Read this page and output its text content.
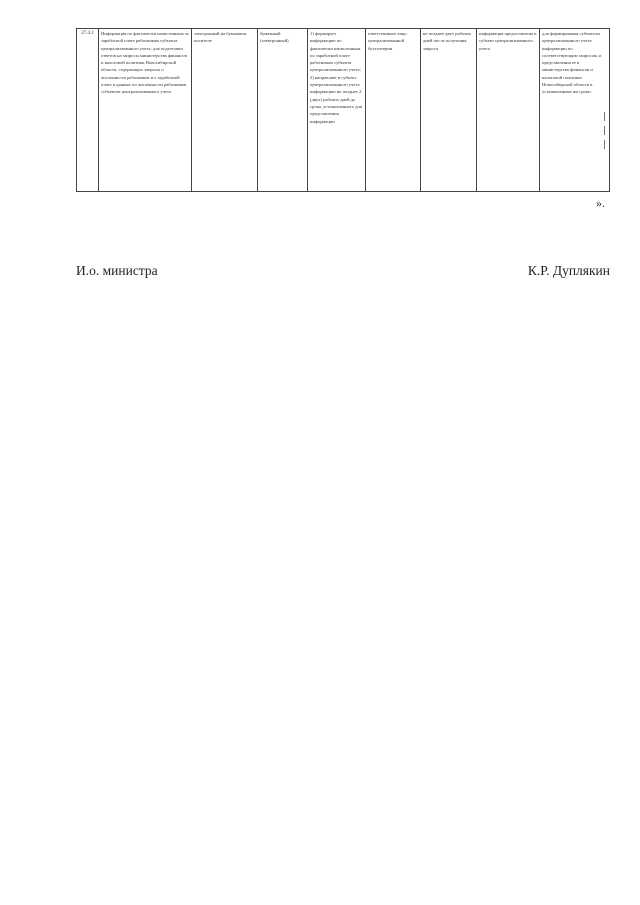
27.4.2	Информация по фактически начисленным за заработной плате работникам субъекта централизованного учета, для подготовки ответов на запросы министерства финансов и налоговой политики Новосибирской области, содержащих запросы о численности работников и о заработной плате в данных по численности работников субъектов централизованного учета	электронный на бумажном носителе	бумажный (электронный)	1) формирует информацию по фактически начисленным по заработной плате работникам субъекта централизованного учета; 2) направляет в субъект централизованного учета информацию не позднее 2 (двух) рабочих дней до срока, установленного для представления информации	ответственное лицо централизованной бухгалтерии	не позднее двух рабочих дней после получения запроса	информация предоставлена в субъект централизованного учета	для формирования субъектом централизованного учета информации по соответствующим запросам, и представления ее в министерство финансов и налоговой политики Новосибирской области в установленные им сроки
».
И.о. министра	К.Р. Дуплякин
